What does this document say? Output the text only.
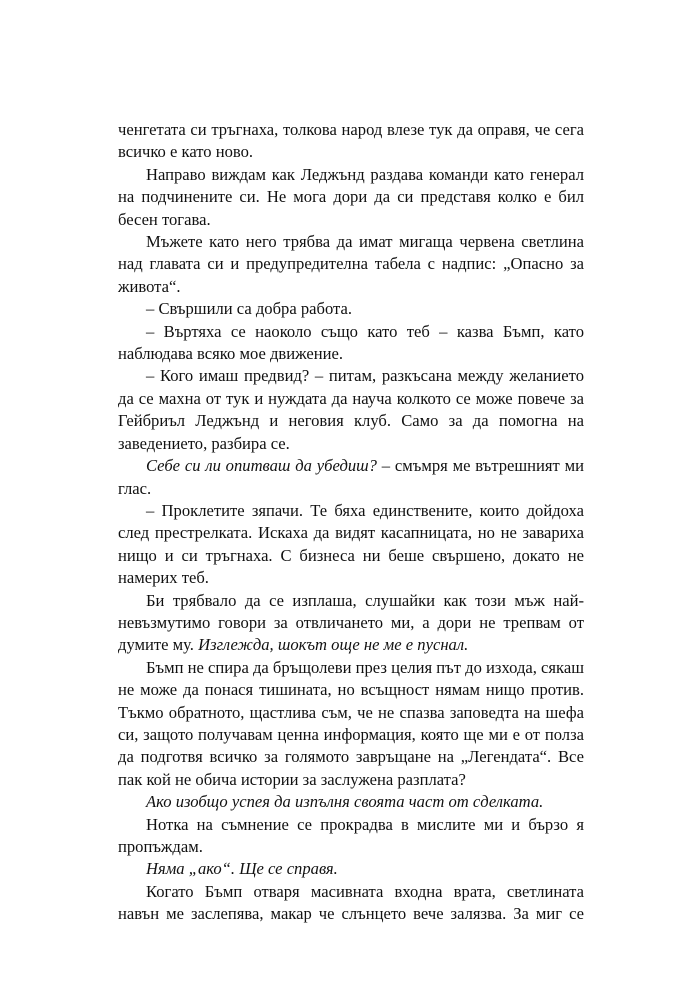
ченгетата си тръгнаха, толкова народ влезе тук да оправя, че сега всичко е като ново.

Направо виждам как Леджънд раздава команди като генерал на подчинените си. Не мога дори да си представя колко е бил бесен тогава.

Мъжете като него трябва да имат мигаща червена светлина над главата си и предупредителна табела с надпис: „Опасно за живота“.

– Свършили са добра работа.

– Въртяха се наоколо също като теб – казва Бъмп, като наблюдава всяко мое движение.

– Кого имаш предвид? – питам, разкъсана между желанието да се махна от тук и нуждата да науча колкото се може повече за Гейбриъл Леджънд и неговия клуб. Само за да помогна на заведението, разбира се.

Себе си ли опитваш да убедиш? – смъмря ме вътрешният ми глас.

– Проклетите зяпачи. Те бяха единствените, които дойдоха след престрелката. Искаха да видят касапницата, но не завариха нищо и си тръгнаха. С бизнеса ни беше свършено, докато не намерих теб.

Би трябвало да се изплаша, слушайки как този мъж най-невъзмутимо говори за отвличането ми, а дори не трепвам от думите му. Изглежда, шокът още не ме е пуснал.

Бъмп не спира да бръщолеви през целия път до изхода, сякаш не може да понася тишината, но всъщност нямам нищо против. Тъкмо обратното, щастлива съм, че не спазва заповедта на шефа си, защото получавам ценна информация, която ще ми е от полза да подготвя всичко за голямото завръщане на „Легендата“. Все пак кой не обича истории за заслужена разплата?

Ако изобщо успея да изпълня своята част от сделката.

Нотка на съмнение се прокрадва в мислите ми и бързо я пропъждам.

Няма „ако“. Ще се справя.

Когато Бъмп отваря масивната входна врата, светлината навън ме заслепява, макар че слънцето вече залязва. За миг се
